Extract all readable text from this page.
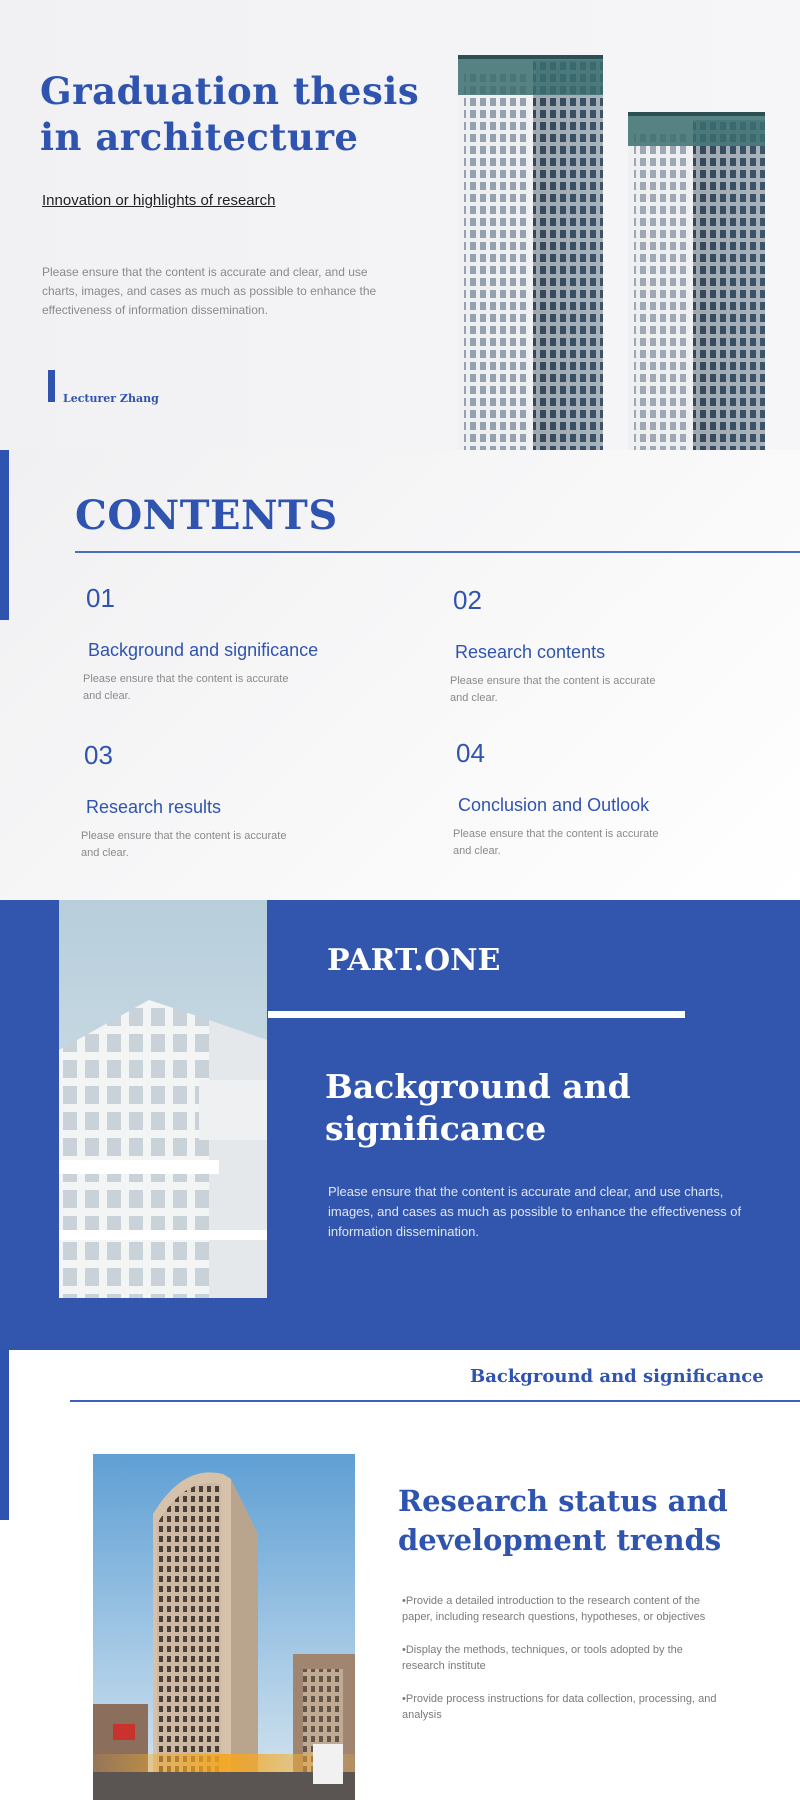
Graduation thesis
in architecture

Innovation or highlights of research

Please ensure that the content is accurate and clear, and use charts, images, and cases as much as possible to enhance the effectiveness of information dissemination.

Lecturer Zhang

CONTENTS

01

Background and significance

Please ensure that the content is accurate and clear.

02

Research contents

Please ensure that the content is accurate and clear.

03

Research results

Please ensure that the content is accurate and clear.

04

Conclusion and Outlook

Please ensure that the content is accurate and clear.

PART.ONE
Background and
significance

Please ensure that the content is accurate and clear, and use charts, images, and cases as much as possible to enhance the effectiveness of information dissemination.

Background and significance
Research status and
development trends
•Provide a detailed introduction to the research content of the paper, including research questions, hypotheses, or objectives
•Display the methods, techniques, or tools adopted by the research institute
•Provide process instructions for data collection, processing, and analysis
